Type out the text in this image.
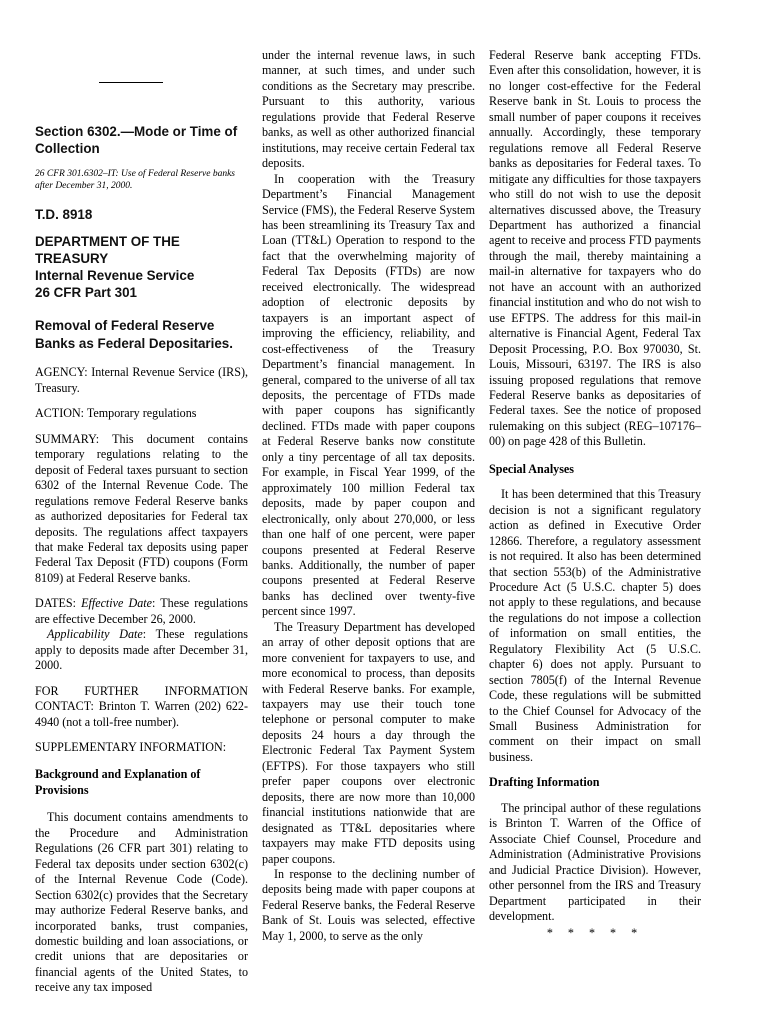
Section 6302.—Mode or Time of Collection
26 CFR 301.6302–IT: Use of Federal Reserve banks after December 31, 2000.
T.D. 8918
DEPARTMENT OF THE TREASURY
Internal Revenue Service
26 CFR Part 301
Removal of Federal Reserve Banks as Federal Depositaries.

AGENCY: Internal Revenue Service (IRS), Treasury.

ACTION: Temporary regulations

SUMMARY: This document contains temporary regulations relating to the deposit of Federal taxes pursuant to section 6302 of the Internal Revenue Code. The regulations remove Federal Reserve banks as authorized depositaries for Federal tax deposits. The regulations affect taxpayers that make Federal tax deposits using paper Federal Tax Deposit (FTD) coupons (Form 8109) at Federal Reserve banks.

DATES: Effective Date: These regulations are effective December 26, 2000.

Applicability Date: These regulations apply to deposits made after December 31, 2000.

FOR FURTHER INFORMATION CONTACT: Brinton T. Warren (202) 622-4940 (not a toll-free number).

SUPPLEMENTARY INFORMATION:

Background and Explanation of Provisions

This document contains amendments to the Procedure and Administration Regulations (26 CFR part 301) relating to Federal tax deposits under section 6302(c) of the Internal Revenue Code (Code). Section 6302(c) provides that the Secretary may authorize Federal Reserve banks, and incorporated banks, trust companies, domestic building and loan associations, or credit unions that are depositaries or financial agents of the United States, to receive any tax imposed

under the internal revenue laws, in such manner, at such times, and under such conditions as the Secretary may prescribe. Pursuant to this authority, various regulations provide that Federal Reserve banks, as well as other authorized financial institutions, may receive certain Federal tax deposits.

In cooperation with the Treasury Department’s Financial Management Service (FMS), the Federal Reserve System has been streamlining its Treasury Tax and Loan (TT&L) Operation to respond to the fact that the overwhelming majority of Federal Tax Deposits (FTDs) are now received electronically. The widespread adoption of electronic deposits by taxpayers is an important aspect of improving the efficiency, reliability, and cost-effectiveness of the Treasury Department’s financial management. In general, compared to the universe of all tax deposits, the percentage of FTDs made with paper coupons has significantly declined. FTDs made with paper coupons at Federal Reserve banks now constitute only a tiny percentage of all tax deposits. For example, in Fiscal Year 1999, of the approximately 100 million Federal tax deposits, made by paper coupon and electronically, only about 270,000, or less than one half of one percent, were paper coupons presented at Federal Reserve banks. Additionally, the number of paper coupons presented at Federal Reserve banks has declined over twenty-five percent since 1997.

The Treasury Department has developed an array of other deposit options that are more convenient for taxpayers to use, and more economical to process, than deposits with Federal Reserve banks. For example, taxpayers may use their touch tone telephone or personal computer to make deposits 24 hours a day through the Electronic Federal Tax Payment System (EFTPS). For those taxpayers who still prefer paper coupons over electronic deposits, there are now more than 10,000 financial institutions nationwide that are designated as TT&L depositaries where taxpayers may make FTD deposits using paper coupons.

In response to the declining number of deposits being made with paper coupons at Federal Reserve banks, the Federal Reserve Bank of St. Louis was selected, effective May 1, 2000, to serve as the only

Federal Reserve bank accepting FTDs. Even after this consolidation, however, it is no longer cost-effective for the Federal Reserve bank in St. Louis to process the small number of paper coupons it receives annually. Accordingly, these temporary regulations remove all Federal Reserve banks as depositaries for Federal taxes. To mitigate any difficulties for those taxpayers who still do not wish to use the deposit alternatives discussed above, the Treasury Department has authorized a financial agent to receive and process FTD payments through the mail, thereby maintaining a mail-in alternative for taxpayers who do not have an account with an authorized financial institution and who do not wish to use EFTPS. The address for this mail-in alternative is Financial Agent, Federal Tax Deposit Processing, P.O. Box 970030, St. Louis, Missouri, 63197. The IRS is also issuing proposed regulations that remove Federal Reserve banks as depositaries of Federal taxes. See the notice of proposed rulemaking on this subject (REG–107176–00) on page 428 of this Bulletin.

Special Analyses

It has been determined that this Treasury decision is not a significant regulatory action as defined in Executive Order 12866. Therefore, a regulatory assessment is not required. It also has been determined that section 553(b) of the Administrative Procedure Act (5 U.S.C. chapter 5) does not apply to these regulations, and because the regulations do not impose a collection of information on small entities, the Regulatory Flexibility Act (5 U.S.C. chapter 6) does not apply. Pursuant to section 7805(f) of the Internal Revenue Code, these regulations will be submitted to the Chief Counsel for Advocacy of the Small Business Administration for comment on their impact on small business.

Drafting Information

The principal author of these regulations is Brinton T. Warren of the Office of Associate Chief Counsel, Procedure and Administration (Administrative Provisions and Judicial Practice Division). However, other personnel from the IRS and Treasury Department participated in their development.

* * * * *
